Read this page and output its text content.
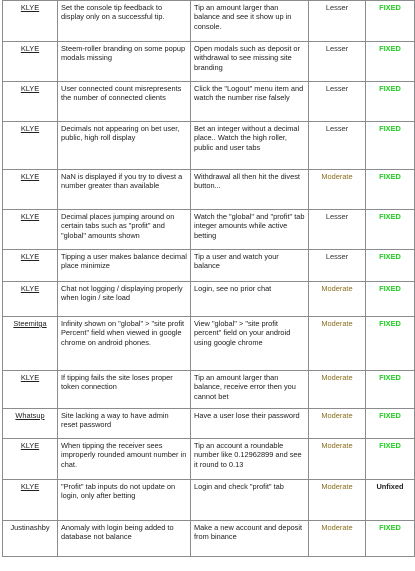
KLYE	Set the console tip feedback to display only on a successful tip.	Tip an amount larger than balance and see it show up in console.	Lesser	FIXED
KLYE	Steem-roller branding on some popup modals missing	Open modals such as deposit or withdrawal to see missing site branding	Lesser	FIXED
KLYE	User connected count misrepresents the number of connected clients	Click the "Logout" menu item and watch the number rise falsely	Lesser	FIXED
KLYE	Decimals not appearing on bet user, public, high roll display	Bet an integer without a decimal place.. Watch the high roller, public and user tabs	Lesser	FIXED
KLYE	NaN is displayed if you try to divest a number greater than available	Withdrawal all then hit the divest button...	Moderate	FIXED
KLYE	Decimal places jumping around on certain tabs such as "profit" and "global" amounts shown	Watch the "global" and "profit" tab integer amounts while active betting	Lesser	FIXED
KLYE	Tipping a user makes balance decimal place minimize	Tip a user and watch your balance	Lesser	FIXED
KLYE	Chat not logging / displaying properly when login / site load	Login, see no prior chat	Moderate	FIXED
Steemitga	Infinity shown on "global" > "site profit Percent" field when viewed in google chrome on android phones.	View "global" > "site profit percent" field on your android using google chrome	Moderate	FIXED
KLYE	If tipping fails the site loses proper token connection	Tip an amount larger than balance, receive error then you cannot bet	Moderate	FIXED
Whatsup	Site lacking a way to have admin reset password	Have a user lose their password	Moderate	FIXED
KLYE	When tipping the receiver sees improperly rounded amount number in chat.	Tip an account a roundable number like 0.12962899 and see it round to 0.13	Moderate	FIXED
KLYE	"Profit" tab inputs do not update on login, only after betting	Login and check "profit" tab	Moderate	Unfixed
Justinashby	Anomaly with login being added to database not balance	Make a new account and deposit from binance	Moderate	FIXED
